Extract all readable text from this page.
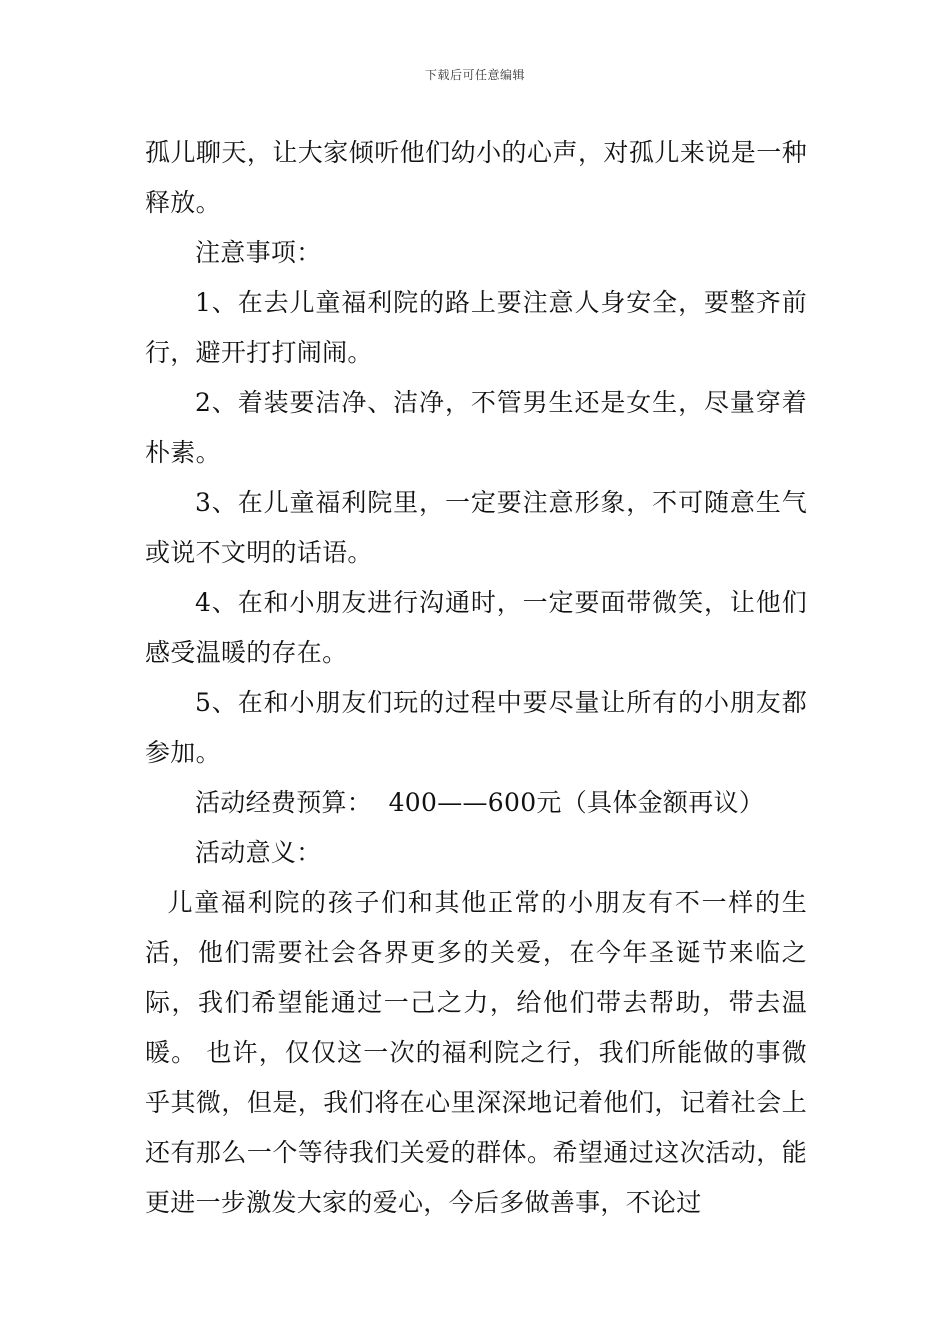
下载后可任意编辑

孤儿聊天，让大家倾听他们幼小的心声，对孤儿来说是一种释放。

注意事项：

1、在去儿童福利院的路上要注意人身安全，要整齐前行，避开打打闹闹。

2、着装要洁净、洁净，不管男生还是女生，尽量穿着朴素。

3、在儿童福利院里，一定要注意形象，不可随意生气或说不文明的话语。

4、在和小朋友进行沟通时，一定要面带微笑，让他们感受温暖的存在。

5、在和小朋友们玩的过程中要尽量让所有的小朋友都参加。

活动经费预算：  400——600元（具体金额再议）

活动意义：

儿童福利院的孩子们和其他正常的小朋友有不一样的生活，他们需要社会各界更多的关爱，在今年圣诞节来临之际，我们希望能通过一己之力，给他们带去帮助，带去温暖。 也许，仅仅这一次的福利院之行，我们所能做的事微乎其微，但是，我们将在心里深深地记着他们，记着社会上还有那么一个等待我们关爱的群体。希望通过这次活动，能更进一步激发大家的爱心，今后多做善事，不论过
